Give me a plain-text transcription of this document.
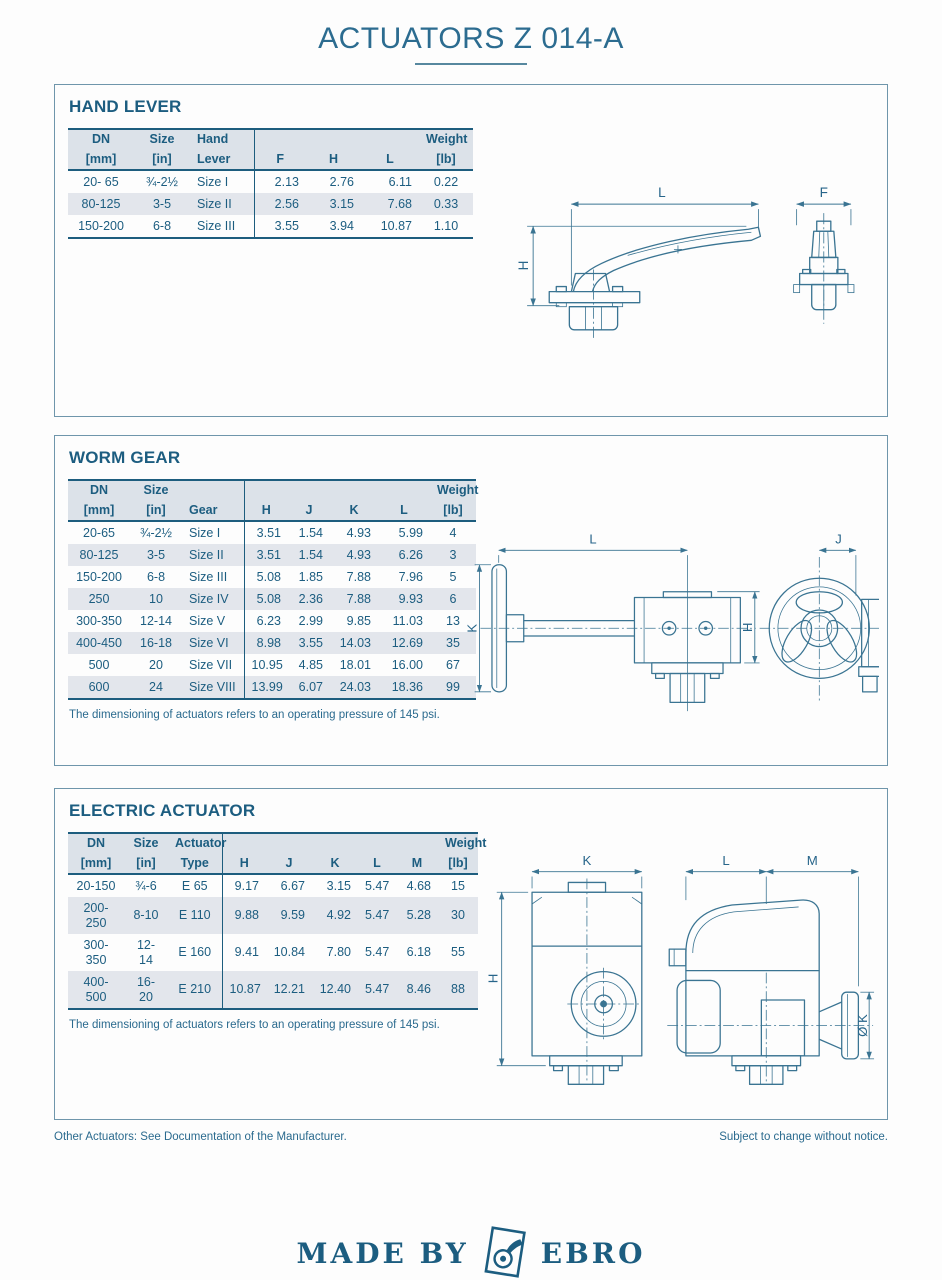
ACTUATORS Z 014-A
HAND LEVER
DN	Size	Hand				Weight
[mm]	[in]	Lever	F	H	L	[lb]
20- 65	¾-2½	Size I	2.13	2.76	6.11	0.22
80-125	3-5	Size II	2.56	3.15	7.68	0.33
150-200	6-8	Size III	3.55	3.94	10.87	1.10
L
H
F
WORM GEAR
DN	Size						Weight
[mm]	[in]	Gear	H	J	K	L	[lb]
20-65	¾-2½	Size I	3.51	1.54	4.93	5.99	4
80-125	3-5	Size II	3.51	1.54	4.93	6.26	3
150-200	6-8	Size III	5.08	1.85	7.88	7.96	5
250	10	Size IV	5.08	2.36	7.88	9.93	6
300-350	12-14	Size V	6.23	2.99	9.85	11.03	13
400-450	16-18	Size VI	8.98	3.55	14.03	12.69	35
500	20	Size VII	10.95	4.85	18.01	16.00	67
600	24	Size VIII	13.99	6.07	24.03	18.36	99
The dimensioning of actuators refers to an operating pressure of 145 psi.
L
K	H
J
ELECTRIC ACTUATOR
DN	Size	Actuator						Weight
[mm]	[in]	Type	H	J	K	L	M	[lb]
20-150	¾-6	E 65	9.17	6.67	3.15	5.47	4.68	15
200-250	8-10	E 110	9.88	9.59	4.92	5.47	5.28	30
300-350	12-14	E 160	9.41	10.84	7.80	5.47	6.18	55
400-500	16-20	E 210	10.87	12.21	12.40	5.47	8.46	88
The dimensioning of actuators refers to an operating pressure of 145 psi.
K
H
L	M
Ø K
Other Actuators: See Documentation of the Manufacturer.	Subject to change without notice.
MADE BY	EBRO
